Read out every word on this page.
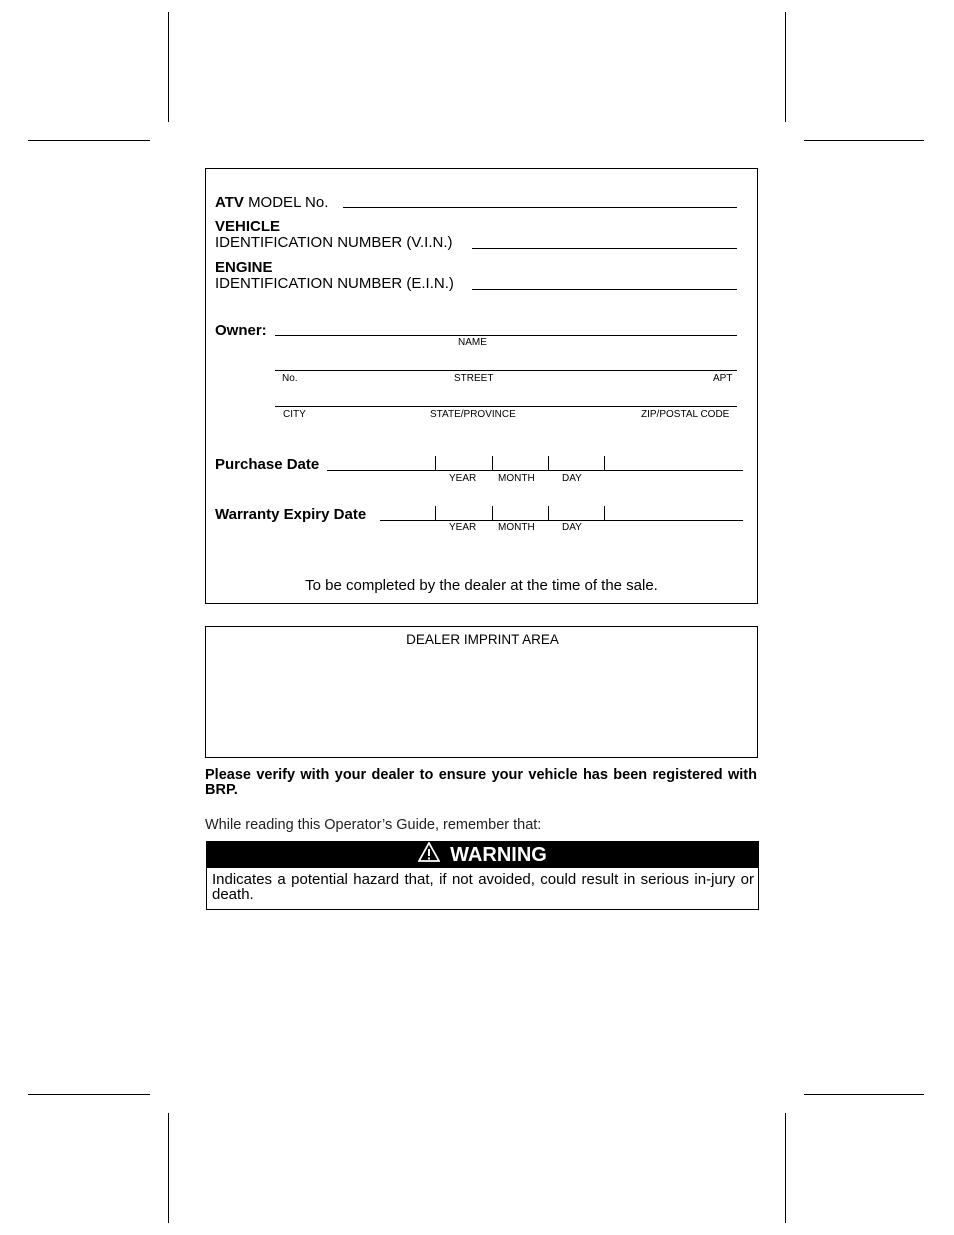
ATV MODEL No.
VEHICLE
IDENTIFICATION NUMBER (V.I.N.)
ENGINE
IDENTIFICATION NUMBER (E.I.N.)
Owner:
NAME
No.	STREET	APT
CITY	STATE/PROVINCE	ZIP/POSTAL CODE
Purchase Date
YEAR MONTH	DAY
Warranty Expiry Date
YEAR MONTH	DAY
To be completed by the dealer at the time of the sale.
DEALER IMPRINT AREA
Please verify with your dealer to ensure your vehicle has been registered with BRP.
While reading this Operator’s Guide, remember that:
WARNING
Indicates a potential hazard that, if not avoided, could result in serious in-jury or death.
